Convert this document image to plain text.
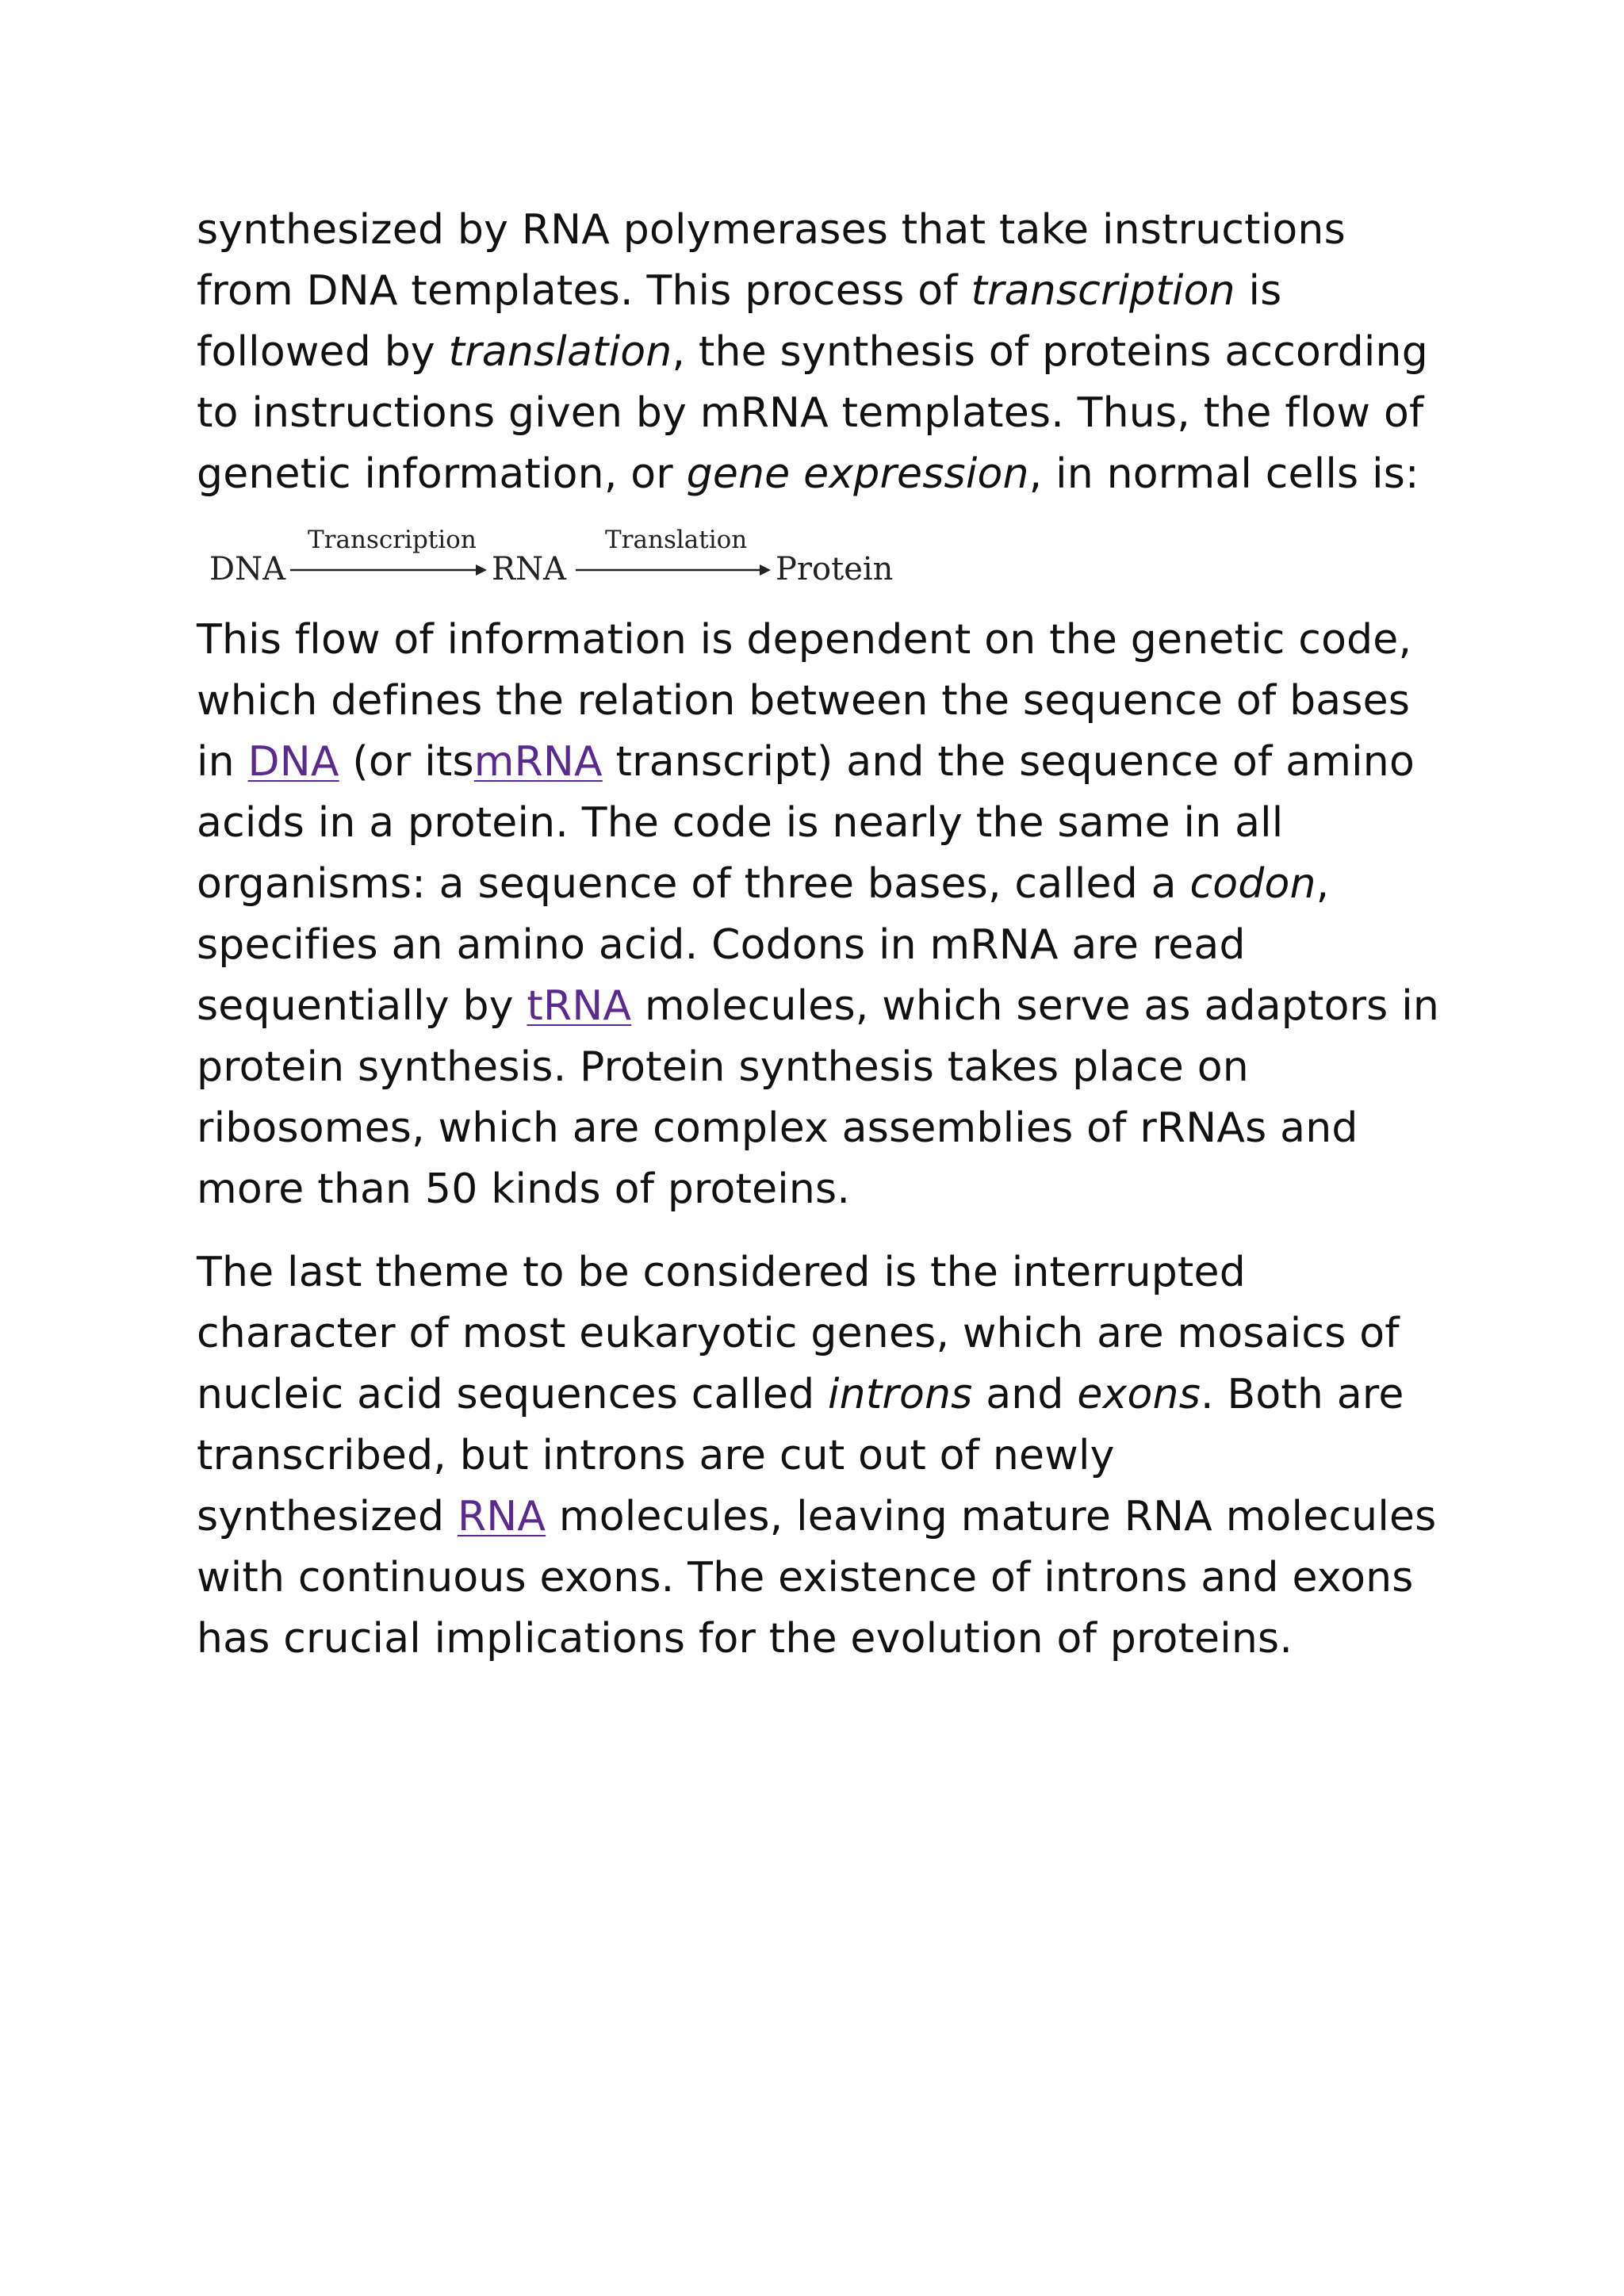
synthesized by RNA polymerases that take instructions
from DNA templates. This process of transcription is
followed by translation, the synthesis of proteins according
to instructions given by mRNA templates. Thus, the flow of
genetic information, or gene expression, in normal cells is:
DNA
Transcription
RNA
Translation
Protein
This flow of information is dependent on the genetic code,
which defines the relation between the sequence of bases
in DNA (or itsmRNA transcript) and the sequence of amino
acids in a protein. The code is nearly the same in all
organisms: a sequence of three bases, called a codon,
specifies an amino acid. Codons in mRNA are read
sequentially by tRNA molecules, which serve as adaptors in
protein synthesis. Protein synthesis takes place on
ribosomes, which are complex assemblies of rRNAs and
more than 50 kinds of proteins.
The last theme to be considered is the interrupted
character of most eukaryotic genes, which are mosaics of
nucleic acid sequences called introns and exons. Both are
transcribed, but introns are cut out of newly
synthesized RNA molecules, leaving mature RNA molecules
with continuous exons. The existence of introns and exons
has crucial implications for the evolution of proteins.
